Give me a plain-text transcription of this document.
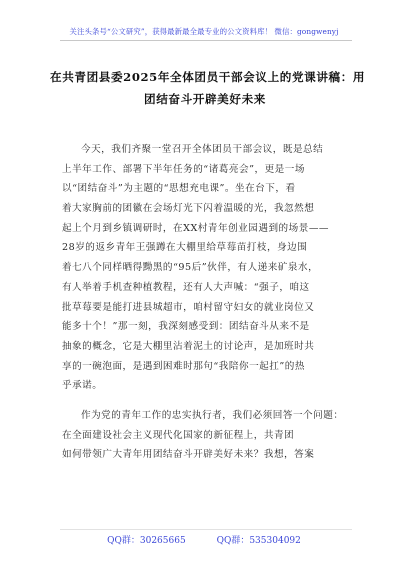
关注头条号“公文研究”，获得最新最全最专业的公文资料库！ 微信：gongwenyj
在共青团县委2025年全体团员干部会议上的党课讲稿：用
团结奋斗开辟美好未来
今天，我们齐聚一堂召开全体团员干部会议，既是总结
上半年工作、部署下半年任务的“诸葛亮会”，更是一场
以“团结奋斗”为主题的“思想充电课”。坐在台下，看
着大家胸前的团徽在会场灯光下闪着温暖的光，我忽然想
起上个月到乡镇调研时，在XX村青年创业园遇到的场景——
28岁的返乡青年王强蹲在大棚里给草莓苗打枝，身边围
着七八个同样晒得黝黑的“95后”伙伴，有人递来矿泉水，
有人举着手机查种植教程，还有人大声喊：“强子，咱这
批草莓要是能打进县城超市，咱村留守妇女的就业岗位又
能多十个！”那一刻，我深刻感受到：团结奋斗从来不是
抽象的概念，它是大棚里沾着泥土的讨论声，是加班时共
享的一碗泡面，是遇到困难时那句“我陪你一起扛”的热
乎承诺。
作为党的青年工作的忠实执行者，我们必须回答一个问题：
在全面建设社会主义现代化国家的新征程上，共青团
如何带领广大青年用团结奋斗开辟美好未来？我想，答案
QQ群：30265665	QQ群：535304092
